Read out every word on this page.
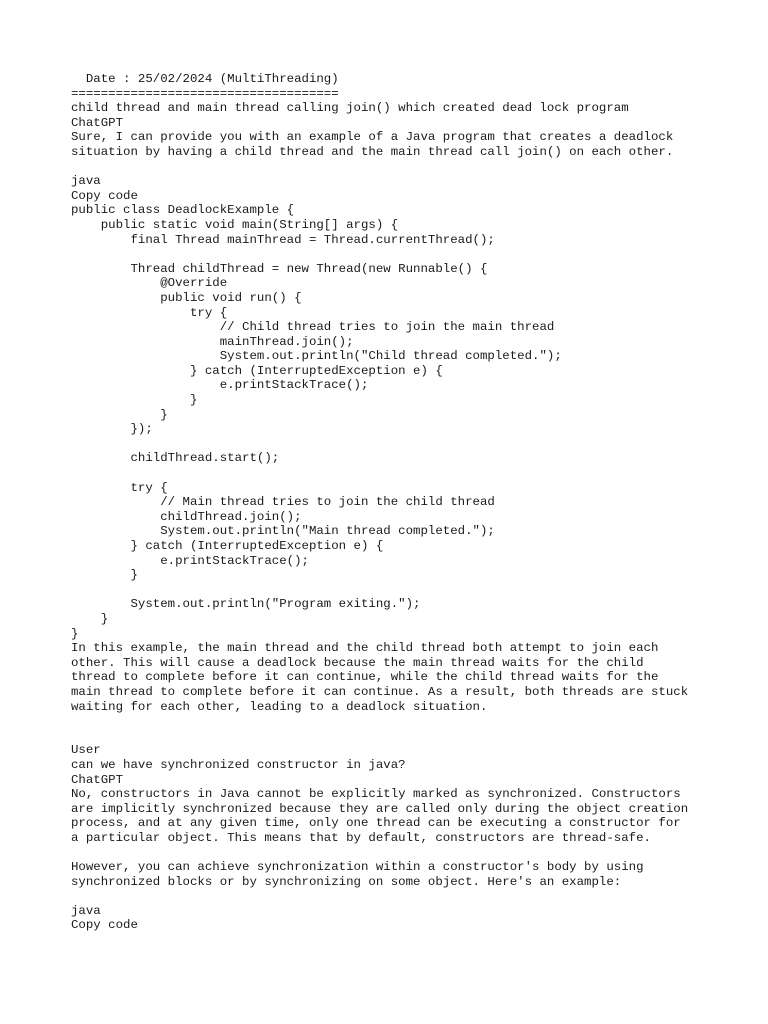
Date : 25/02/2024 (MultiThreading)
====================================
child thread and main thread calling join() which created dead lock program
ChatGPT
Sure, I can provide you with an example of a Java program that creates a deadlock
situation by having a child thread and the main thread call join() on each other.
java
Copy code
public class DeadlockExample {
public static void main(String[] args) {
final Thread mainThread = Thread.currentThread();
Thread childThread = new Thread(new Runnable() {
@Override
public void run() {
try {
// Child thread tries to join the main thread
mainThread.join();
System.out.println("Child thread completed.");
} catch (InterruptedException e) {
e.printStackTrace();
}
}
});
childThread.start();
try {
// Main thread tries to join the child thread
childThread.join();
System.out.println("Main thread completed.");
} catch (InterruptedException e) {
e.printStackTrace();
}
System.out.println("Program exiting.");
}
}
In this example, the main thread and the child thread both attempt to join each
other. This will cause a deadlock because the main thread waits for the child
thread to complete before it can continue, while the child thread waits for the
main thread to complete before it can continue. As a result, both threads are stuck
waiting for each other, leading to a deadlock situation.
User
can we have synchronized constructor in java?
ChatGPT
No, constructors in Java cannot be explicitly marked as synchronized. Constructors
are implicitly synchronized because they are called only during the object creation
process, and at any given time, only one thread can be executing a constructor for
a particular object. This means that by default, constructors are thread-safe.
However, you can achieve synchronization within a constructor's body by using
synchronized blocks or by synchronizing on some object. Here's an example:
java
Copy code
